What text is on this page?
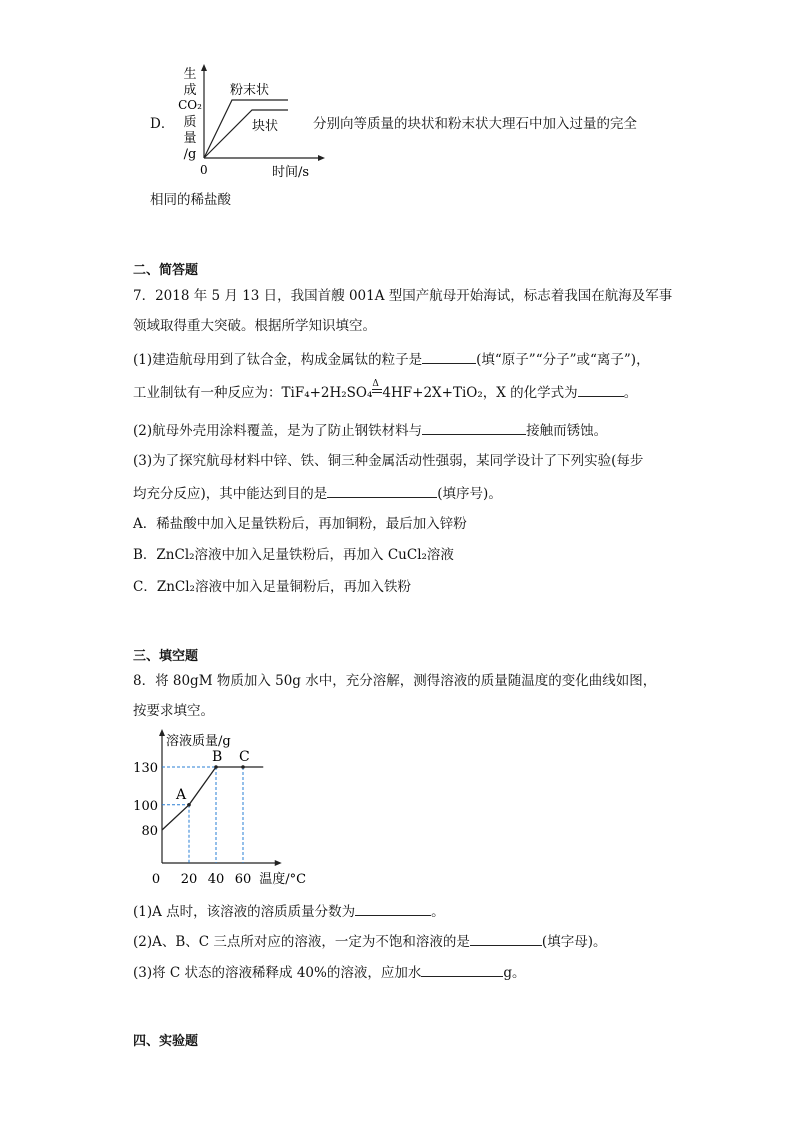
D．
生
成
CO₂
质
量
/g
粉末状
块状
0	时间/s
分别向等质量的块状和粉末状大理石中加入过量的完全
相同的稀盐酸
二、简答题
7．2018 年 5 月 13 日，我国首艘 001A 型国产航母开始海试，标志着我国在航海及军事
领域取得重大突破。根据所学知识填空。
(1)建造航母用到了钛合金，构成金属钛的粒子是	(填“原子”“分子”或“离子”)，
工业制钛有一种反应为：TiF₄+2H₂SO₄
Δ
4HF+2X+TiO₂，X 的化学式为	。
(2)航母外壳用涂料覆盖，是为了防止钢铁材料与	接触而锈蚀。
(3)为了探究航母材料中锌、铁、铜三种金属活动性强弱，某同学设计了下列实验(每步
均充分反应)，其中能达到目的是	(填序号)。
A．稀盐酸中加入足量铁粉后，再加铜粉，最后加入锌粉
B．ZnCl₂溶液中加入足量铁粉后，再加入 CuCl₂溶液
C．ZnCl₂溶液中加入足量铜粉后，再加入铁粉
三、填空题
8．将 80gM 物质加入 50g 水中，充分溶解，测得溶液的质量随温度的变化曲线如图，
按要求填空。
溶液质量/g
温度/°C
80
100
130
0 20 40 60
A
B C
(1)A 点时，该溶液的溶质质量分数为	。
(2)A、B、C 三点所对应的溶液，一定为不饱和溶液的是	(填字母)。
(3)将 C 状态的溶液稀释成 40%的溶液，应加水	g。
四、实验题
